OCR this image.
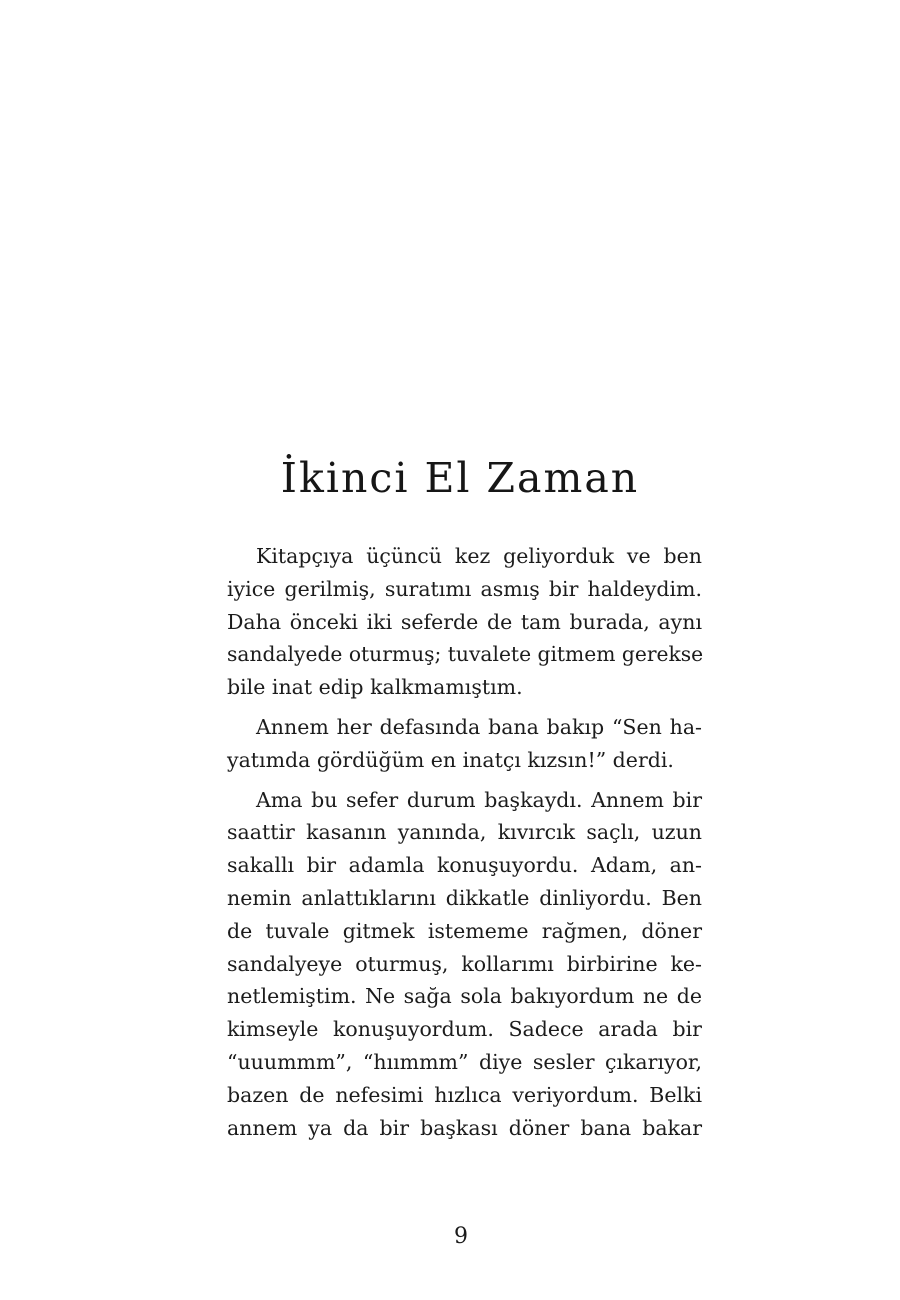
İkinci El Zaman
Kitapçıya üçüncü kez geliyorduk ve ben
iyice gerilmiş, suratımı asmış bir haldeydim.
Daha önceki iki seferde de tam burada, aynı
sandalyede oturmuş; tuvalete gitmem gerekse
bile inat edip kalkmamıştım.
Annem her defasında bana bakıp “Sen ha-
yatımda gördüğüm en inatçı kızsın!” derdi.
Ama bu sefer durum başkaydı. Annem bir
saattir kasanın yanında, kıvırcık saçlı, uzun
sakallı bir adamla konuşuyordu. Adam, an-
nemin anlattıklarını dikkatle dinliyordu. Ben
de tuvale gitmek istememe rağmen, döner
sandalyeye oturmuş, kollarımı birbirine ke-
netlemiştim. Ne sağa sola bakıyordum ne de
kimseyle konuşuyordum. Sadece arada bir
“uuummm”, “hıımmm” diye sesler çıkarıyor,
bazen de nefesimi hızlıca veriyordum. Belki
annem ya da bir başkası döner bana bakar
9
